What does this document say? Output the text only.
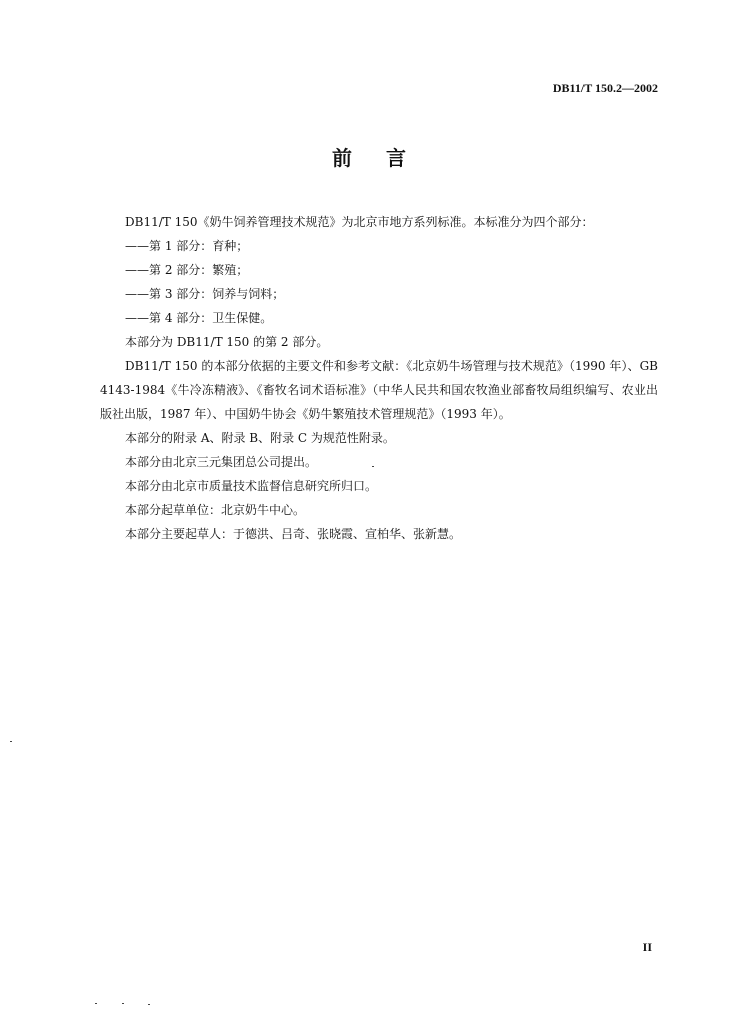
DB11/T 150.2—2002
前言

DB11/T 150《奶牛饲养管理技术规范》为北京市地方系列标准。本标准分为四个部分：

——第 1 部分：育种；

——第 2 部分：繁殖；

——第 3 部分：饲养与饲料；

——第 4 部分：卫生保健。

本部分为 DB11/T 150 的第 2 部分。

DB11/T 150 的本部分依据的主要文件和参考文献：《北京奶牛场管理与技术规范》（1990 年）、GB 4143-1984《牛冷冻精液》、《畜牧名词术语标准》（中华人民共和国农牧渔业部畜牧局组织编写、农业出版社出版，1987 年）、中国奶牛协会《奶牛繁殖技术管理规范》（1993 年）。

本部分的附录 A、附录 B、附录 C 为规范性附录。

本部分由北京三元集团总公司提出。

本部分由北京市质量技术监督信息研究所归口。

本部分起草单位：北京奶牛中心。

本部分主要起草人：于德洪、吕奇、张晓霞、宣柏华、张新慧。

II
